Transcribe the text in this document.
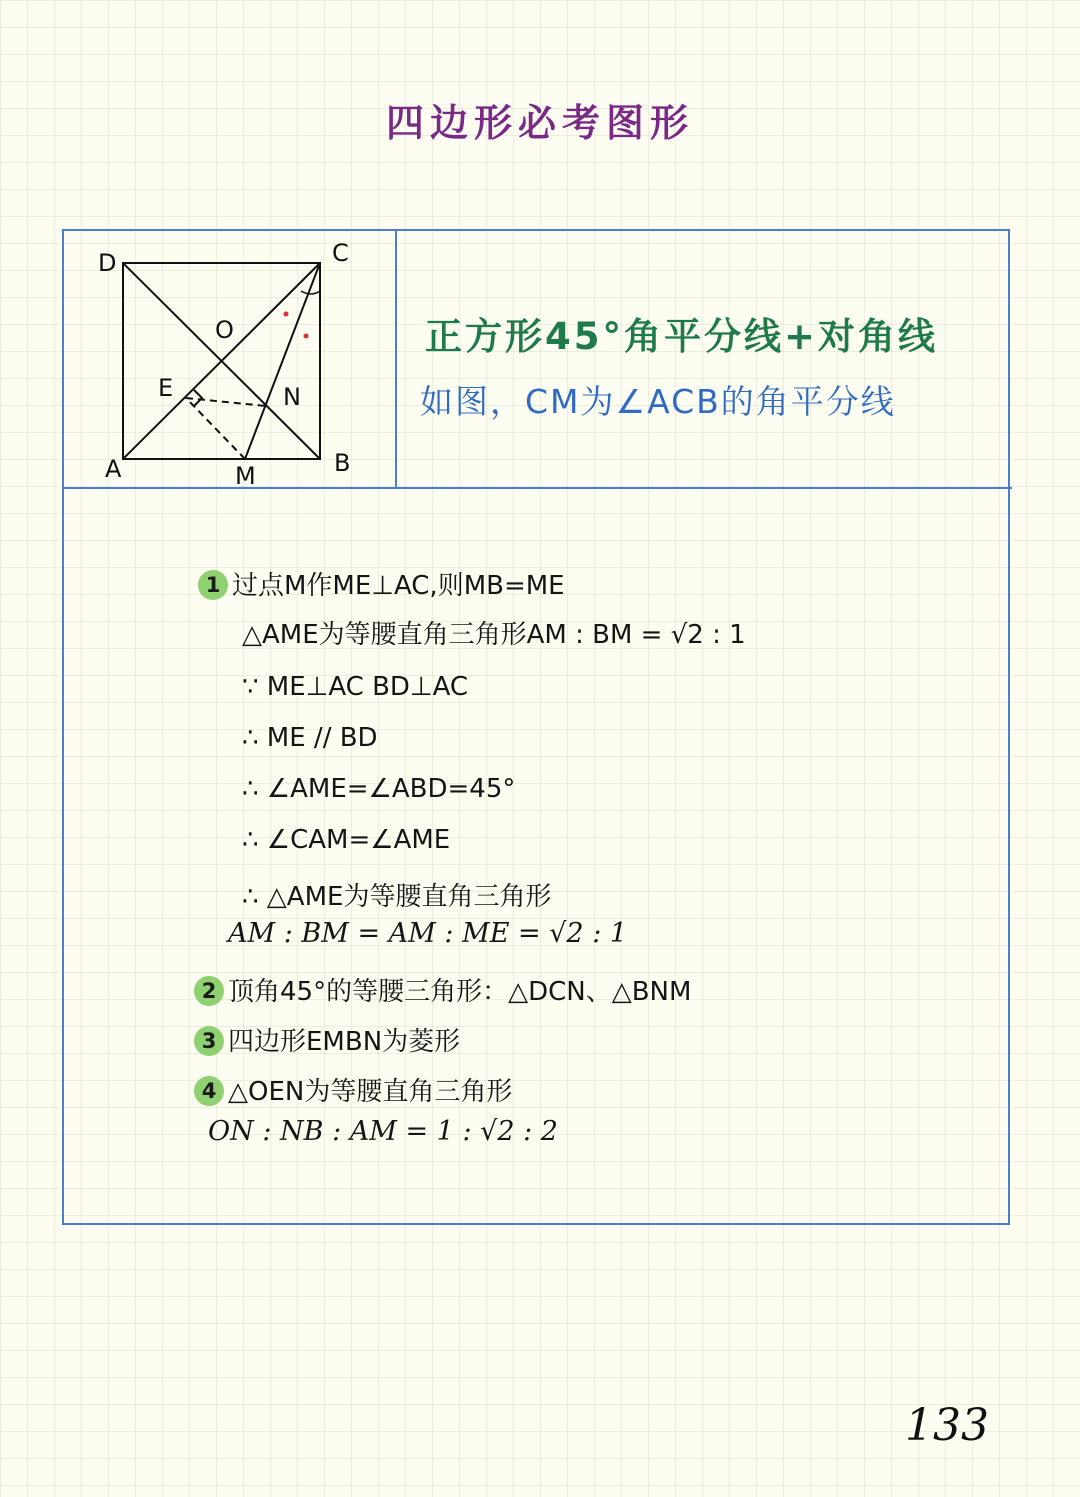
四边形必考图形
D	C
O
E	N
A	M	B
正方形45°角平分线+对角线
如图，CM为∠ACB的角平分线
1 过点M作ME⊥AC,则MB=ME
△AME为等腰直角三角形AM : BM = √2 : 1
∵ ME⊥AC BD⊥AC
∴ ME // BD
∴ ∠AME=∠ABD=45°
∴ ∠CAM=∠AME
∴ △AME为等腰直角三角形
AM : BM = AM : ME = √2 : 1
2 顶角45°的等腰三角形：△DCN、△BNM
3 四边形EMBN为菱形
4 △OEN为等腰直角三角形
ON : NB : AM = 1 : √2 : 2
133
